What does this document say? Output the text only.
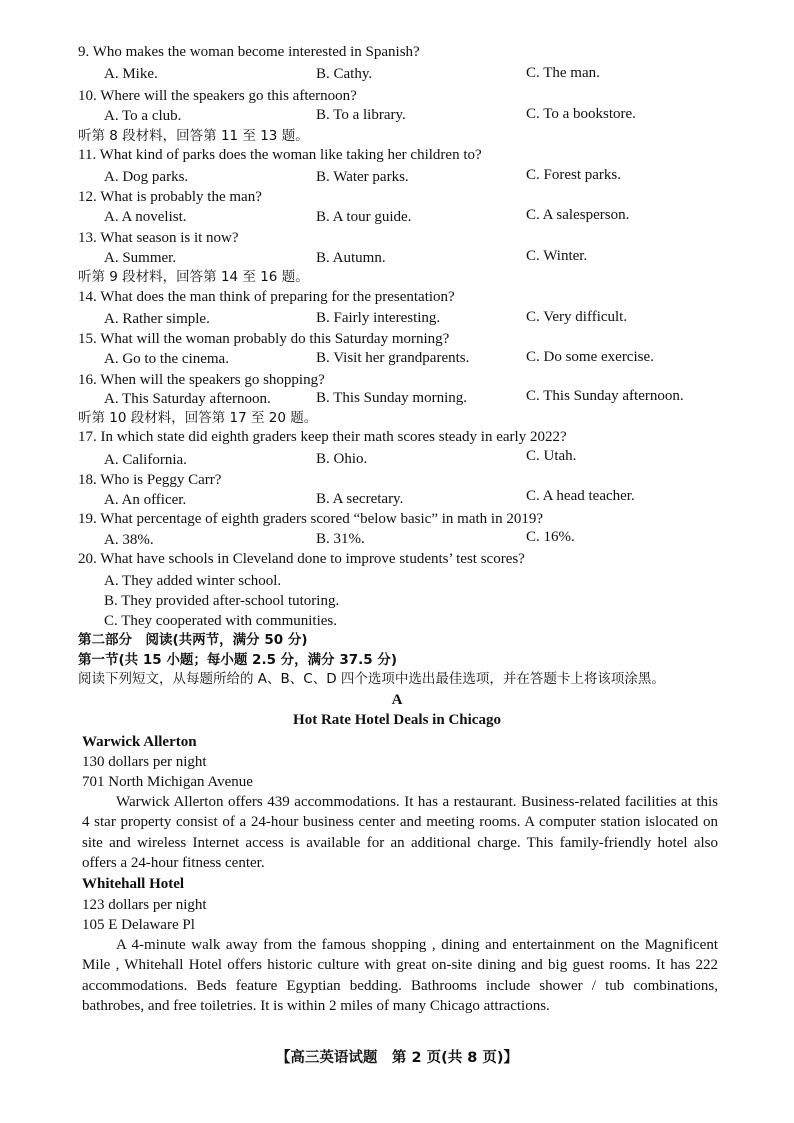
9. Who makes the woman become interested in Spanish?
A. Mike.	B. Cathy.	C. The man.
10. Where will the speakers go this afternoon?
A. To a club.	B. To a library.	C. To a bookstore.
听第 8 段材料，回答第 11 至 13 题。
11. What kind of parks does the woman like taking her children to?
A. Dog parks.	B. Water parks.	C. Forest parks.
12. What is probably the man?
A. A novelist.	B. A tour guide.	C. A salesperson.
13. What season is it now?
A. Summer.	B. Autumn.	C. Winter.
听第 9 段材料，回答第 14 至 16 题。
14. What does the man think of preparing for the presentation?
A. Rather simple.	B. Fairly interesting.	C. Very difficult.
15. What will the woman probably do this Saturday morning?
A. Go to the cinema.	B. Visit her grandparents.	C. Do some exercise.
16. When will the speakers go shopping?
A. This Saturday afternoon.	B. This Sunday morning.	C. This Sunday afternoon.
听第 10 段材料，回答第 17 至 20 题。
17. In which state did eighth graders keep their math scores steady in early 2022?
A. California.	B. Ohio.	C. Utah.
18. Who is Peggy Carr?
A. An officer.	B. A secretary.	C. A head teacher.
19. What percentage of eighth graders scored “below basic” in math in 2019?
A. 38%.	B. 31%.	C. 16%.
20. What have schools in Cleveland done to improve students’ test scores?
A. They added winter school.
B. They provided after-school tutoring.
C. They cooperated with communities.
第二部分　阅读(共两节，满分 50 分)
第一节(共 15 小题；每小题 2.5 分，满分 37.5 分)
阅读下列短文，从每题所给的 A、B、C、D 四个选项中选出最佳选项，并在答题卡上将该项涂黑。
A
Hot Rate Hotel Deals in Chicago
Warwick Allerton
130 dollars per night
701 North Michigan Avenue
Warwick Allerton offers 439 accommodations. It has a restaurant. Business-related facilities at this 4 star property consist of a 24-hour business center and meeting rooms. A computer station islocated on site and wireless Internet access is available for an additional charge. This family-friendly hotel also offers a 24-hour fitness center.
Whitehall Hotel
123 dollars per night
105 E Delaware Pl
A 4-minute walk away from the famous shopping , dining and entertainment on the Magnificent Mile , Whitehall Hotel offers historic culture with great on-site dining and big guest rooms. It has 222 accommodations. Beds feature Egyptian bedding. Bathrooms include shower / tub combinations, bathrobes, and free toiletries. It is within 2 miles of many Chicago attractions.
【高三英语试题　第 2 页(共 8 页)】
